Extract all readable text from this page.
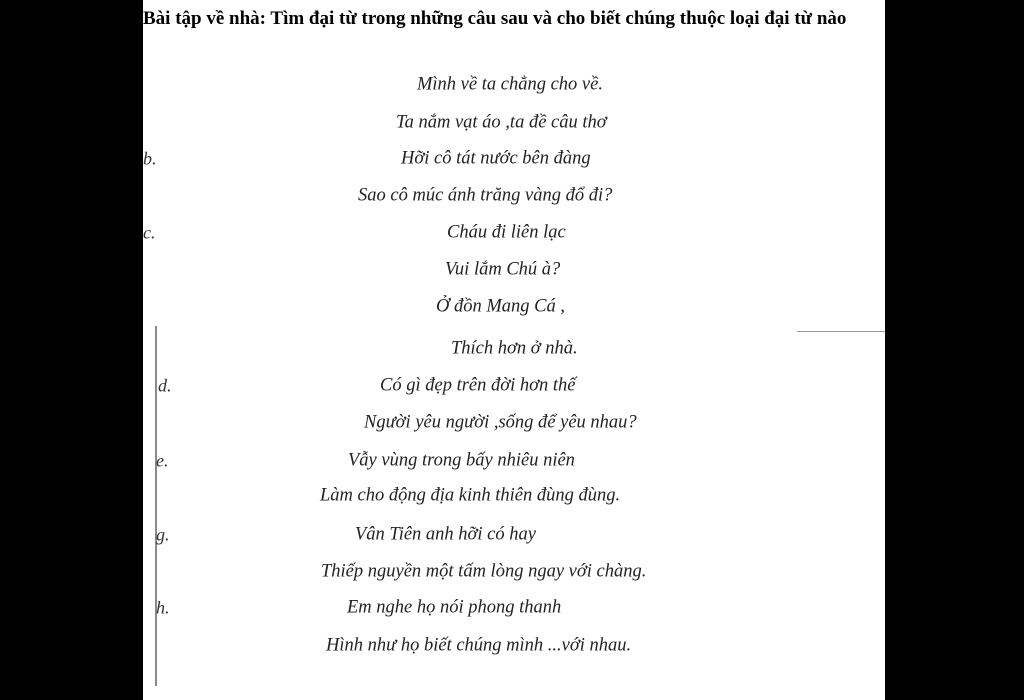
Bài tập về nhà: Tìm đại từ trong những câu sau và cho biết chúng thuộc loại đại từ nào
Mình về ta chẳng cho về.
Ta nắm vạt áo ,ta đề câu thơ
b.	Hỡi cô tát nước bên đàng
Sao cô múc ánh trăng vàng đổ đi?
c.	Cháu đi liên lạc
Vui lắm Chú à?
Ở đồn Mang Cá ,
Thích hơn ở nhà.
d.	Có gì đẹp trên đời hơn thế
Người yêu người ,sống để yêu nhau?
e.	Vẫy vùng trong bấy nhiêu niên
Làm cho động địa kinh thiên đùng đùng.
g.	Vân Tiên anh hỡi có hay
Thiếp nguyền một tấm lòng ngay với chàng.
h.	Em nghe họ nói phong thanh
Hình như họ biết chúng mình ...với nhau.
